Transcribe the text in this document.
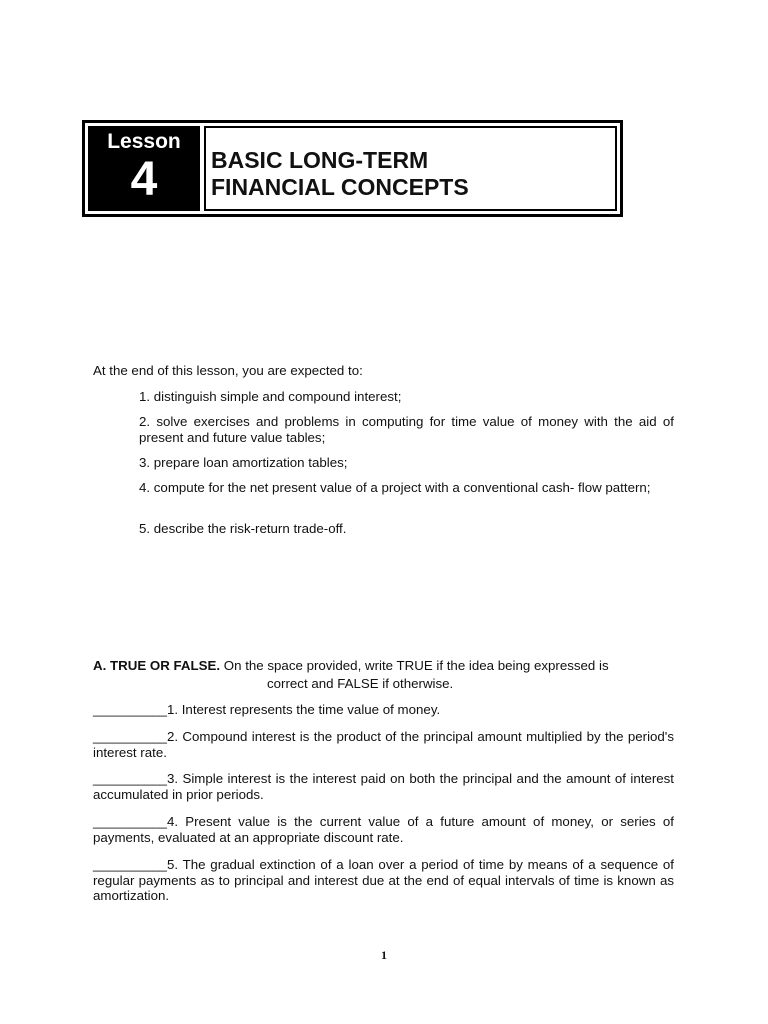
Lesson
4	BASIC LONG-TERM
FINANCIAL CONCEPTS
At the end of this lesson, you are expected to:
1. distinguish simple and compound interest;
2. solve exercises and problems in computing for time value of money with the aid of present and future value tables;
3. prepare loan amortization tables;
4. compute for the net present value of a project with a conventional cash- flow pattern;
5. describe the risk-return trade-off.
A. TRUE OR FALSE. On the space provided, write TRUE if the idea being expressed is
correct and FALSE if otherwise.
__________1. Interest represents the time value of money.
__________2. Compound interest is the product of the principal amount multiplied by the period's interest rate.
__________3. Simple interest is the interest paid on both the principal and the amount of interest accumulated in prior periods.
__________4. Present value is the current value of a future amount of money, or series of payments, evaluated at an appropriate discount rate.
__________5. The gradual extinction of a loan over a period of time by means of a sequence of regular payments as to principal and interest due at the end of equal intervals of time is known as amortization.
1
